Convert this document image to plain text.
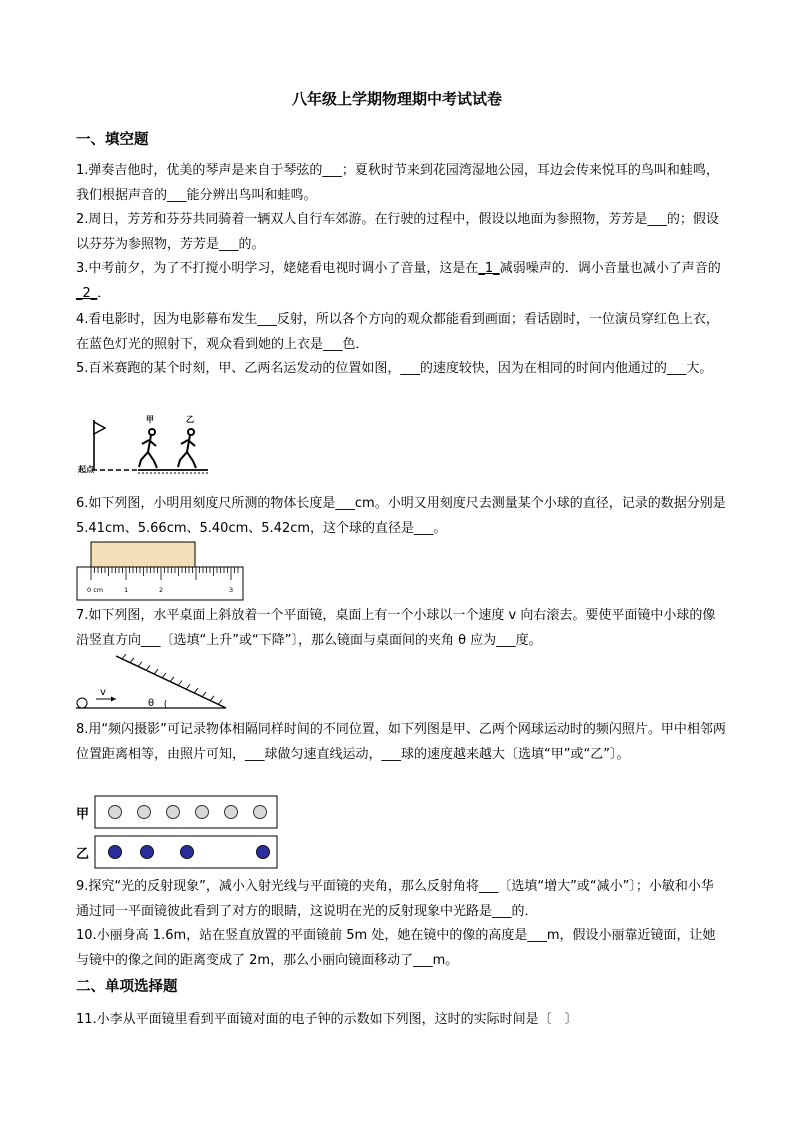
八年级上学期物理期中考试试卷
一、填空题
1.弹奏吉他时，优美的琴声是来自于琴弦的___；夏秋时节来到花园湾湿地公园，耳边会传来悦耳的鸟叫和蛙鸣，我们根据声音的___能分辨出鸟叫和蛙鸣。
2.周日，芳芳和芬芬共同骑着一辆双人自行车郊游。在行驶的过程中，假设以地面为参照物，芳芳是___的；假设以芬芬为参照物，芳芳是___的。
3.中考前夕，为了不打搅小明学习，姥姥看电视时调小了音量，这是在_1_减弱噪声的．调小音量也减小了声音的_2_．
4.看电影时，因为电影幕布发生___反射，所以各个方向的观众都能看到画面；看话剧时，一位演员穿红色上衣，在蓝色灯光的照射下，观众看到她的上衣是___色．
5.百米赛跑的某个时刻，甲、乙两名运发动的位置如图，___的速度较快，因为在相同的时间内他通过的___大。
起点
甲	乙
6.如下列图，小明用刻度尺所测的物体长度是___cm。小明又用刻度尺去测量某个小球的直径，记录的数据分别是 5.41cm、5.66cm、5.40cm、5.42cm，这个球的直径是___。
0 cm	1	2	3
7.如下列图，水平桌面上斜放着一个平面镜，桌面上有一个小球以一个速度 v 向右滚去。要使平面镜中小球的像沿竖直方向___〔选填“上升”或“下降”〕，那么镜面与桌面间的夹角 θ 应为___度。
v
θ
8.用“频闪摄影”可记录物体相隔同样时间的不同位置，如下列图是甲、乙两个网球运动时的频闪照片。甲中相邻两位置距离相等，由照片可知，___球做匀速直线运动，___球的速度越来越大〔选填“甲”或“乙”〕。
甲
乙
9.探究“光的反射现象”，减小入射光线与平面镜的夹角，那么反射角将___〔选填“增大”或“减小”〕；小敏和小华通过同一平面镜彼此看到了对方的眼睛，这说明在光的反射现象中光路是___的．
10.小丽身高 1.6m，站在竖直放置的平面镜前 5m 处，她在镜中的像的高度是___m，假设小丽靠近镜面，让她与镜中的像之间的距离变成了 2m，那么小丽向镜面移动了___m。
二、单项选择题
11.小李从平面镜里看到平面镜对面的电子钟的示数如下列图，这时的实际时间是〔　〕
